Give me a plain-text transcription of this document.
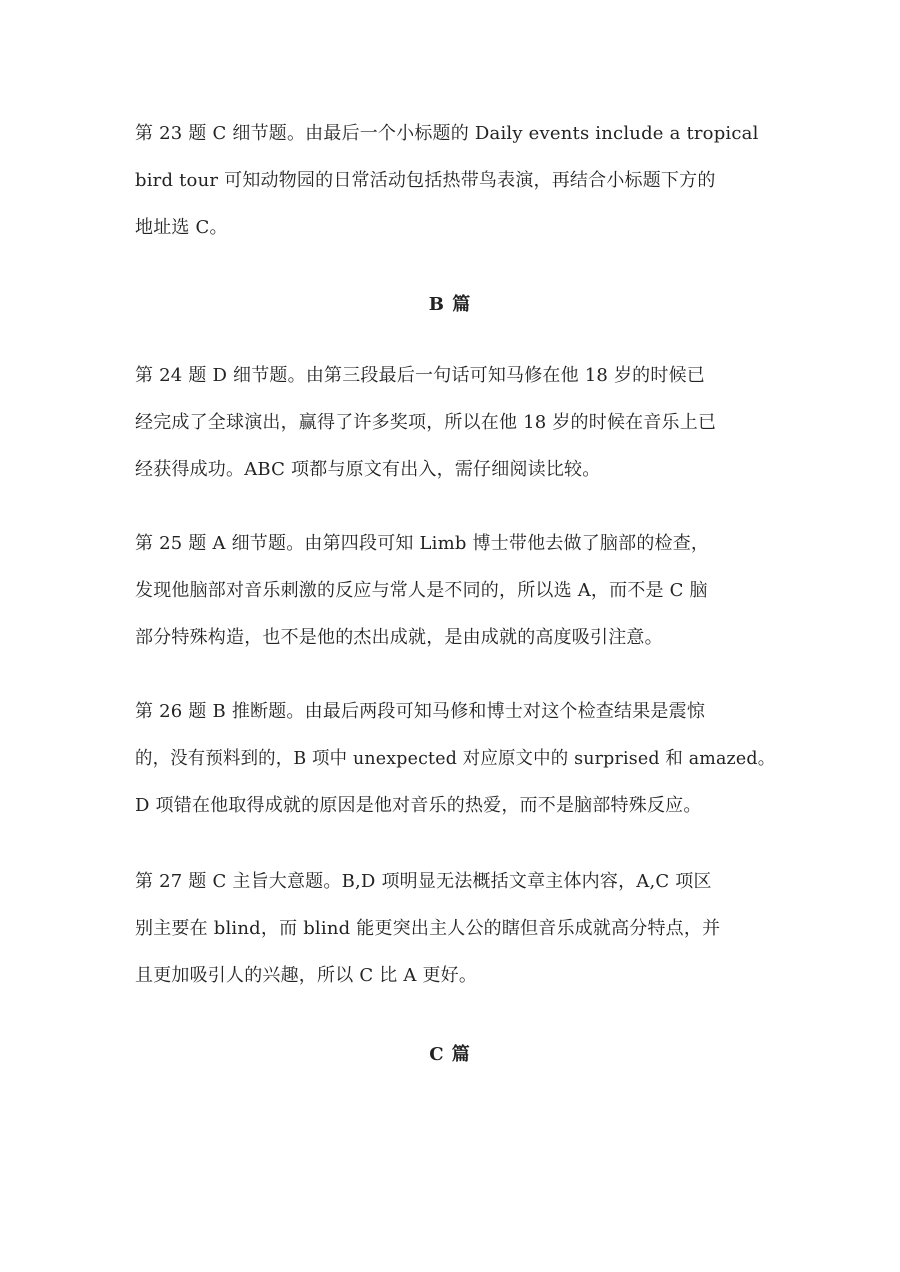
第 23 题 C 细节题。由最后一个小标题的 Daily events include a tropical
bird tour 可知动物园的日常活动包括热带鸟表演，再结合小标题下方的
地址选 C。
B 篇
第 24 题 D 细节题。由第三段最后一句话可知马修在他 18 岁的时候已
经完成了全球演出，赢得了许多奖项，所以在他 18 岁的时候在音乐上已
经获得成功。ABC 项都与原文有出入，需仔细阅读比较。
第 25 题 A 细节题。由第四段可知 Limb 博士带他去做了脑部的检查，
发现他脑部对音乐刺激的反应与常人是不同的，所以选 A，而不是 C 脑
部分特殊构造，也不是他的杰出成就，是由成就的高度吸引注意。
第 26 题 B 推断题。由最后两段可知马修和博士对这个检查结果是震惊
的，没有预料到的，B 项中 unexpected 对应原文中的 surprised 和 amazed。
D 项错在他取得成就的原因是他对音乐的热爱，而不是脑部特殊反应。
第 27 题 C 主旨大意题。B,D 项明显无法概括文章主体内容，A,C 项区
别主要在 blind，而 blind 能更突出主人公的瞎但音乐成就高分特点，并
且更加吸引人的兴趣，所以 C 比 A 更好。
C 篇
